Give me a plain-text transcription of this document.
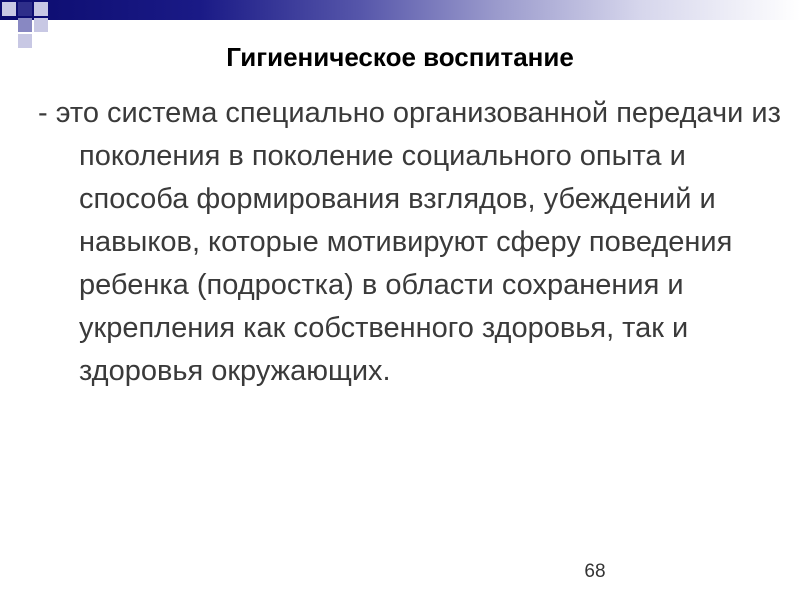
Гигиеническое воспитание

- это система специально организованной передачи из поколения в поколение социального опыта и способа формирования взглядов, убеждений и навыков, которые мотивируют сферу поведения ребенка (подростка) в области сохранения и укрепления как собственного здоровья, так и здоровья окружающих.

68
